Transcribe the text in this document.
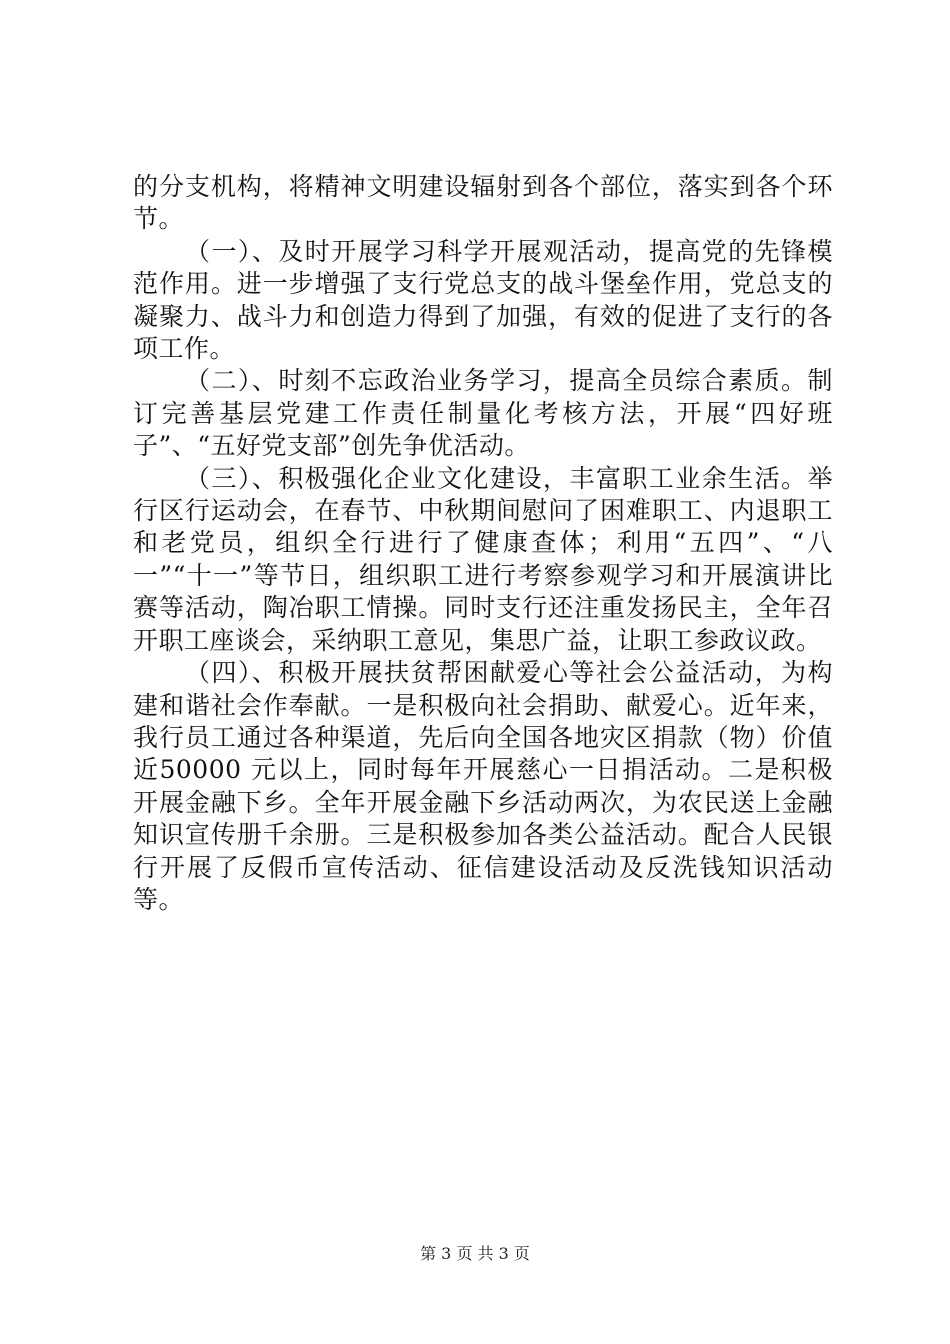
的分支机构，将精神文明建设辐射到各个部位，落实到各个环节。

（一）、及时开展学习科学开展观活动，提高党的先锋模范作用。进一步增强了支行党总支的战斗堡垒作用，党总支的凝聚力、战斗力和创造力得到了加强，有效的促进了支行的各项工作。

（二）、时刻不忘政治业务学习，提高全员综合素质。制订完善基层党建工作责任制量化考核方法，开展“四好班子”、“五好党支部”创先争优活动。

（三）、积极强化企业文化建设，丰富职工业余生活。举行区行运动会，在春节、中秋期间慰问了困难职工、内退职工和老党员，组织全行进行了健康查体；利用“五四”、“八一”“十一”等节日，组织职工进行考察参观学习和开展演讲比赛等活动，陶冶职工情操。同时支行还注重发扬民主，全年召开职工座谈会，采纳职工意见，集思广益，让职工参政议政。

（四）、积极开展扶贫帮困献爱心等社会公益活动，为构建和谐社会作奉献。一是积极向社会捐助、献爱心。近年来，我行员工通过各种渠道，先后向全国各地灾区捐款（物）价值近50000 元以上，同时每年开展慈心一日捐活动。二是积极开展金融下乡。全年开展金融下乡活动两次，为农民送上金融知识宣传册千余册。三是积极参加各类公益活动。配合人民银行开展了反假币宣传活动、征信建设活动及反洗钱知识活动等。

第 3 页 共 3 页
